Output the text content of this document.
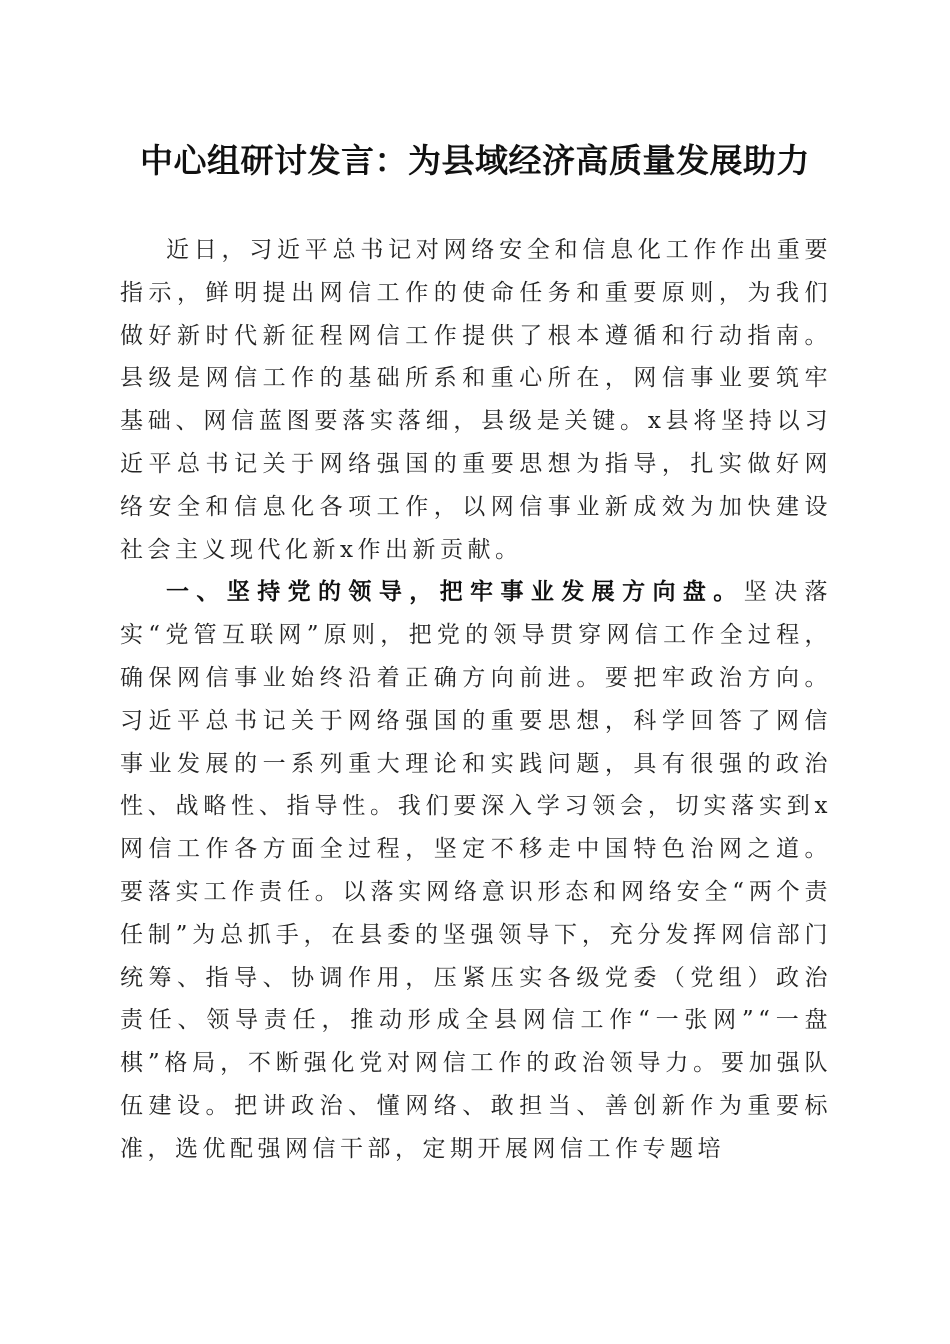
中心组研讨发言：为县域经济高质量发展助力

近日，习近平总书记对网络安全和信息化工作作出重要指示，鲜明提出网信工作的使命任务和重要原则，为我们做好新时代新征程网信工作提供了根本遵循和行动指南。县级是网信工作的基础所系和重心所在，网信事业要筑牢基础、网信蓝图要落实落细，县级是关键。x县将坚持以习近平总书记关于网络强国的重要思想为指导，扎实做好网络安全和信息化各项工作，以网信事业新成效为加快建设社会主义现代化新x作出新贡献。

一、坚持党的领导，把牢事业发展方向盘。坚决落实“党管互联网”原则，把党的领导贯穿网信工作全过程，确保网信事业始终沿着正确方向前进。要把牢政治方向。习近平总书记关于网络强国的重要思想，科学回答了网信事业发展的一系列重大理论和实践问题，具有很强的政治性、战略性、指导性。我们要深入学习领会，切实落实到x网信工作各方面全过程，坚定不移走中国特色治网之道。要落实工作责任。以落实网络意识形态和网络安全“两个责任制”为总抓手，在县委的坚强领导下，充分发挥网信部门统筹、指导、协调作用，压紧压实各级党委（党组）政治责任、领导责任，推动形成全县网信工作“一张网”“一盘棋”格局，不断强化党对网信工作的政治领导力。要加强队伍建设。把讲政治、懂网络、敢担当、善创新作为重要标准，选优配强网信干部，定期开展网信工作专题培
